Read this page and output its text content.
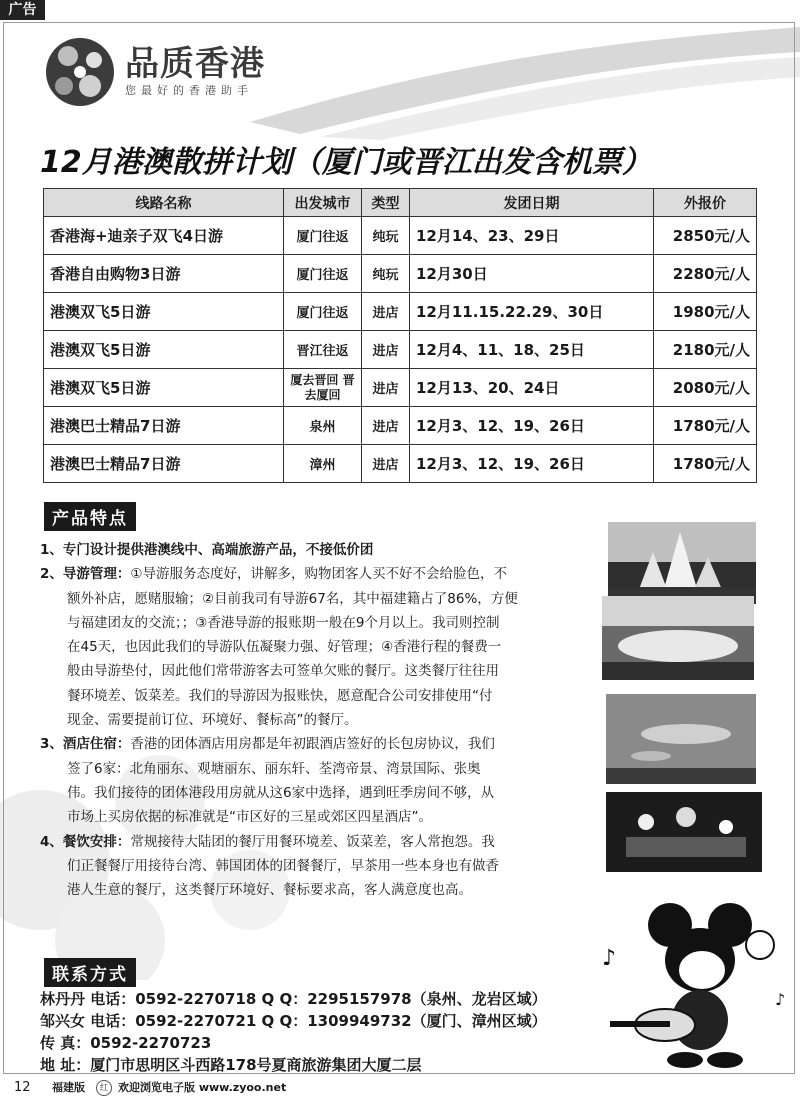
广告
品质香港
您最好的香港助手
12月港澳散拼计划（厦门或晋江出发含机票）
线路名称	出发城市	类型	发团日期	外报价
香港海+迪亲子双飞4日游	厦门往返	纯玩	12月14、23、29日	2850元/人
香港自由购物3日游	厦门往返	纯玩	12月30日	2280元/人
港澳双飞5日游	厦门往返	进店	12月11.15.22.29、30日	1980元/人
港澳双飞5日游	晋江往返	进店	12月4、11、18、25日	2180元/人
港澳双飞5日游	厦去晋回 晋去厦回	进店	12月13、20、24日	2080元/人
港澳巴士精品7日游	泉州	进店	12月3、12、19、26日	1780元/人
港澳巴士精品7日游	漳州	进店	12月3、12、19、26日	1780元/人
产品特点

1、专门设计提供港澳线中、高端旅游产品，不接低价团

2、导游管理：①导游服务态度好，讲解多，购物团客人买不好不会给脸色，不

额外补店，愿赌服输；②目前我司有导游67名，其中福建籍占了86%，方便

与福建团友的交流；；③香港导游的报账期一般在9个月以上。我司则控制

在45天，也因此我们的导游队伍凝聚力强、好管理；④香港行程的餐费一

般由导游垫付，因此他们常带游客去可签单欠账的餐厅。这类餐厅往往用

餐环境差、饭菜差。我们的导游因为报账快，愿意配合公司安排使用“付

现金、需要提前订位、环境好、餐标高”的餐厅。

3、酒店住宿：香港的团体酒店用房都是年初跟酒店签好的长包房协议，我们

签了6家：北角丽东、观塘丽东、丽东轩、荃湾帝景、湾景国际、张奥

伟。我们接待的团体港段用房就从这6家中选择，遇到旺季房间不够，从

市场上买房依据的标准就是“市区好的三星或郊区四星酒店”。

4、餐饮安排：常规接待大陆团的餐厅用餐环境差、饭菜差，客人常抱怨。我

们正餐餐厅用接待台湾、韩国团体的团餐餐厅，早茶用一些本身也有做香

港人生意的餐厅，这类餐厅环境好、餐标要求高，客人满意度也高。

♪
♪
联系方式
林丹丹 电话：0592-2270718 Q Q：2295157978（泉州、龙岩区域）
邹兴女 电话：0592-2270721 Q Q：1309949732（厦门、漳州区域）
传 真：0592-2270723
地 址：厦门市思明区斗西路178号夏商旅游集团大厦二层
12 福建版	红 欢迎浏览电子版 www.zyoo.net
